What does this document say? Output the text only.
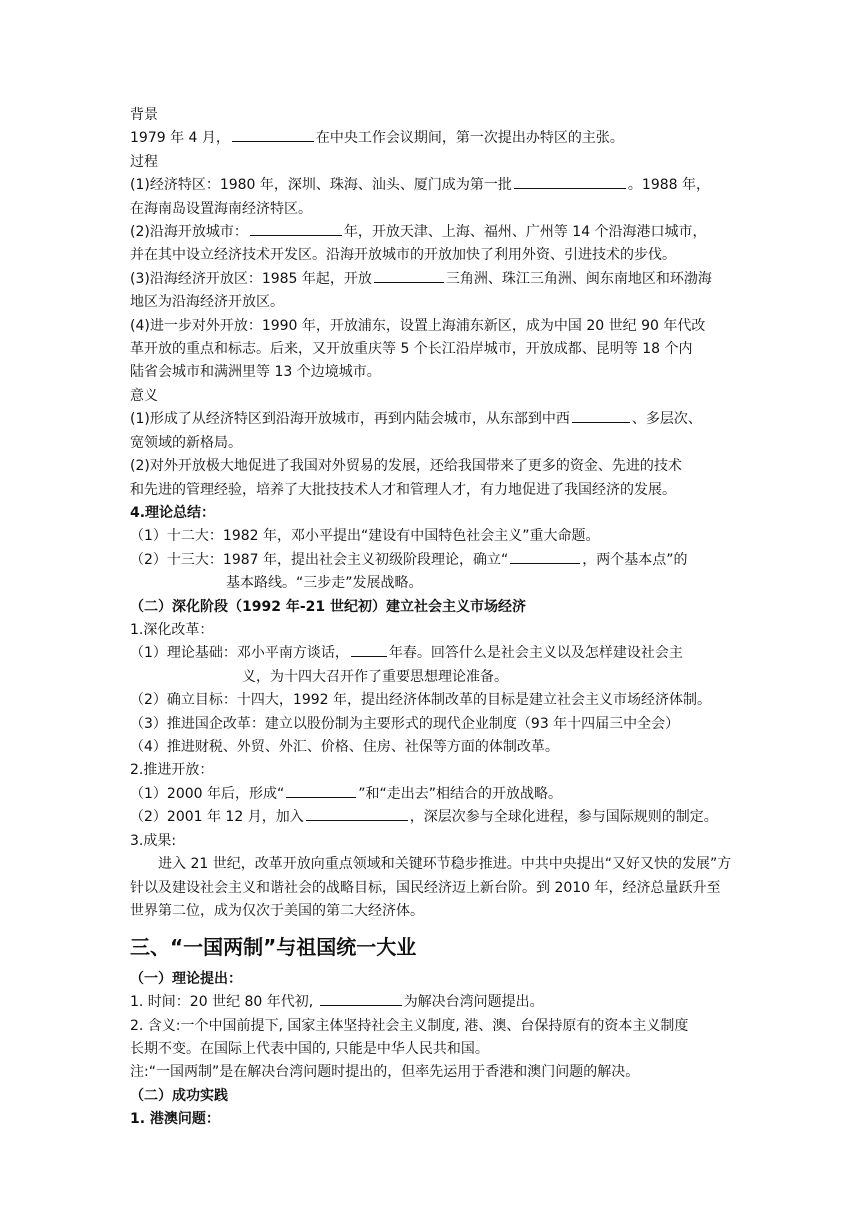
背景

1979 年 4 月，	在中央工作会议期间，第一次提出办特区的主张。

过程

(1)经济特区：1980 年，深圳、珠海、汕头、厦门成为第一批	。1988 年，

在海南岛设置海南经济特区。

(2)沿海开放城市：	年，开放天津、上海、福州、广州等 14 个沿海港口城市，

并在其中设立经济技术开发区。沿海开放城市的开放加快了利用外资、引进技术的步伐。

(3)沿海经济开放区：1985 年起，开放	三角洲、珠江三角洲、闽东南地区和环渤海

地区为沿海经济开放区。

(4)进一步对外开放：1990 年，开放浦东，设置上海浦东新区，成为中国 20 世纪 90 年代改

革开放的重点和标志。后来，又开放重庆等 5 个长江沿岸城市，开放成都、昆明等 18 个内

陆省会城市和满洲里等 13 个边境城市。

意义

(1)形成了从经济特区到沿海开放城市，再到内陆会城市，从东部到中西	、多层次、

宽领域的新格局。

(2)对外开放极大地促进了我国对外贸易的发展，还给我国带来了更多的资金、先进的技术

和先进的管理经验，培养了大批技技术人才和管理人才，有力地促进了我国经济的发展。

4.理论总结：

（1）十二大：1982 年，邓小平提出“建设有中国特色社会主义”重大命题。

（2）十三大：1987 年，提出社会主义初级阶段理论，确立“	，两个基本点”的

基本路线。“三步走”发展战略。

（二）深化阶段（1992 年-21 世纪初）建立社会主义市场经济

1.深化改革：

（1）理论基础：邓小平南方谈话，	年春。回答什么是社会主义以及怎样建设社会主

义，为十四大召开作了重要思想理论准备。

（2）确立目标：十四大，1992 年，提出经济体制改革的目标是建立社会主义市场经济体制。

（3）推进国企改革：建立以股份制为主要形式的现代企业制度（93 年十四届三中全会）

（4）推进财税、外贸、外汇、价格、住房、社保等方面的体制改革。

2.推进开放：

（1）2000 年后，形成“	”和“走出去”相结合的开放战略。

（2）2001 年 12 月，加入	，深层次参与全球化进程，参与国际规则的制定。

3.成果:

进入 21 世纪，改革开放向重点领域和关键环节稳步推进。中共中央提出“又好又快的发展”方针以及建设社会主义和谐社会的战略目标，国民经济迈上新台阶。到 2010 年，经济总量跃升至世界第二位，成为仅次于美国的第二大经济体。

三、“一国两制”与祖国统一大业

（一）理论提出：

1. 时间：20 世纪 80 年代初,	为解决台湾问题提出。

2. 含义:一个中国前提下, 国家主体坚持社会主义制度, 港、澳、台保持原有的资本主义制度

长期不变。在国际上代表中国的, 只能是中华人民共和国。

注:“一国两制”是在解决台湾问题时提出的，但率先运用于香港和澳门问题的解决。

（二）成功实践

1. 港澳问题：
